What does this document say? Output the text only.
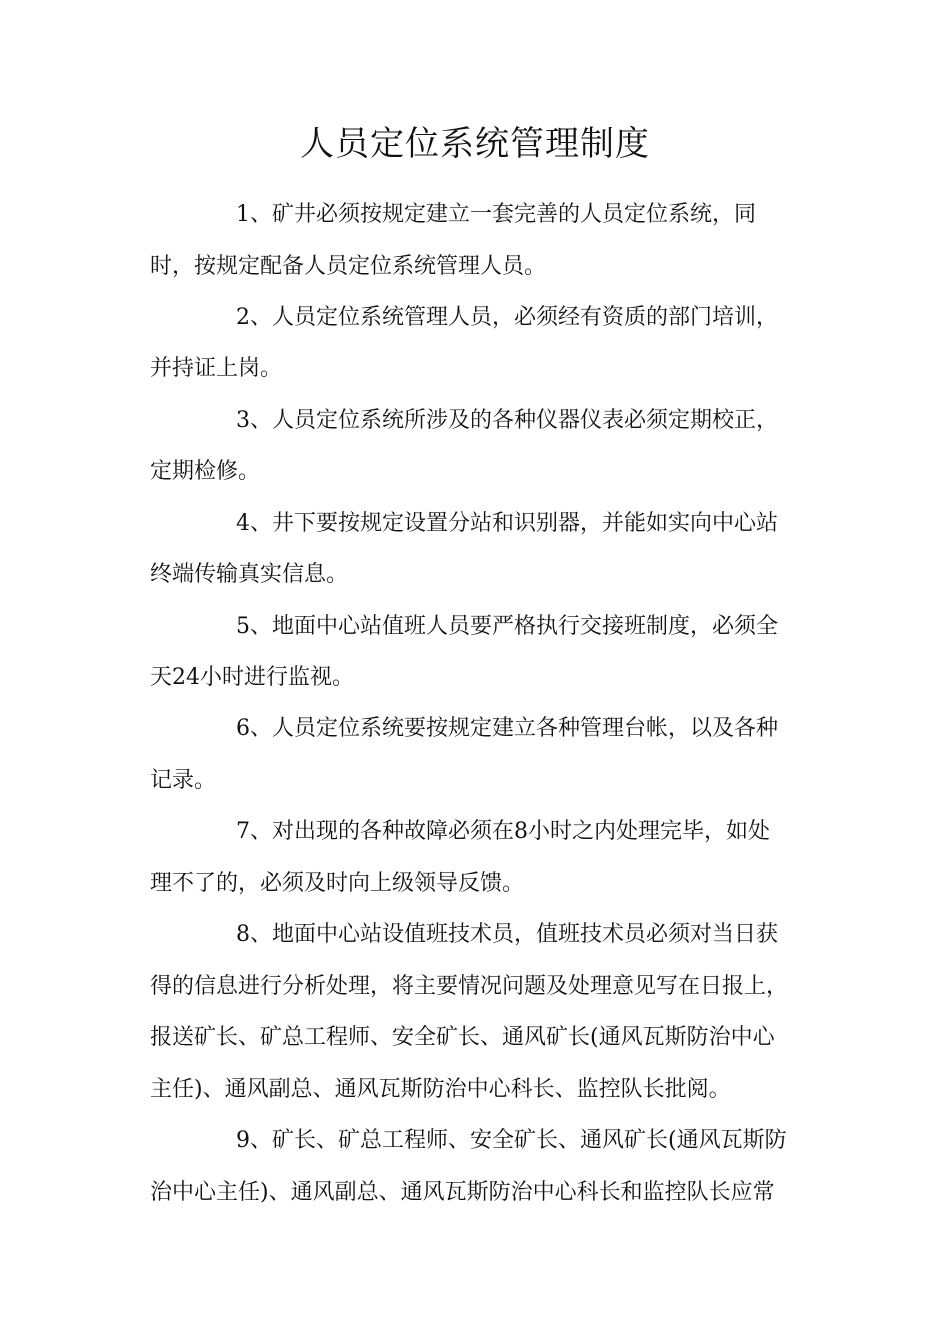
人员定位系统管理制度

1、矿井必须按规定建立一套完善的人员定位系统，同

时，按规定配备人员定位系统管理人员。

2、人员定位系统管理人员，必须经有资质的部门培训，

并持证上岗。

3、人员定位系统所涉及的各种仪器仪表必须定期校正，

定期检修。

4、井下要按规定设置分站和识别器，并能如实向中心站

终端传输真实信息。

5、地面中心站值班人员要严格执行交接班制度，必须全

天24小时进行监视。

6、人员定位系统要按规定建立各种管理台帐，以及各种

记录。

7、对出现的各种故障必须在8小时之内处理完毕，如处

理不了的，必须及时向上级领导反馈。

8、地面中心站设值班技术员，值班技术员必须对当日获

得的信息进行分析处理，将主要情况问题及处理意见写在日报上，

报送矿长、矿总工程师、安全矿长、通风矿长(通风瓦斯防治中心

主任)、通风副总、通风瓦斯防治中心科长、监控队长批阅。

9、矿长、矿总工程师、安全矿长、通风矿长(通风瓦斯防

治中心主任)、通风副总、通风瓦斯防治中心科长和监控队长应常
